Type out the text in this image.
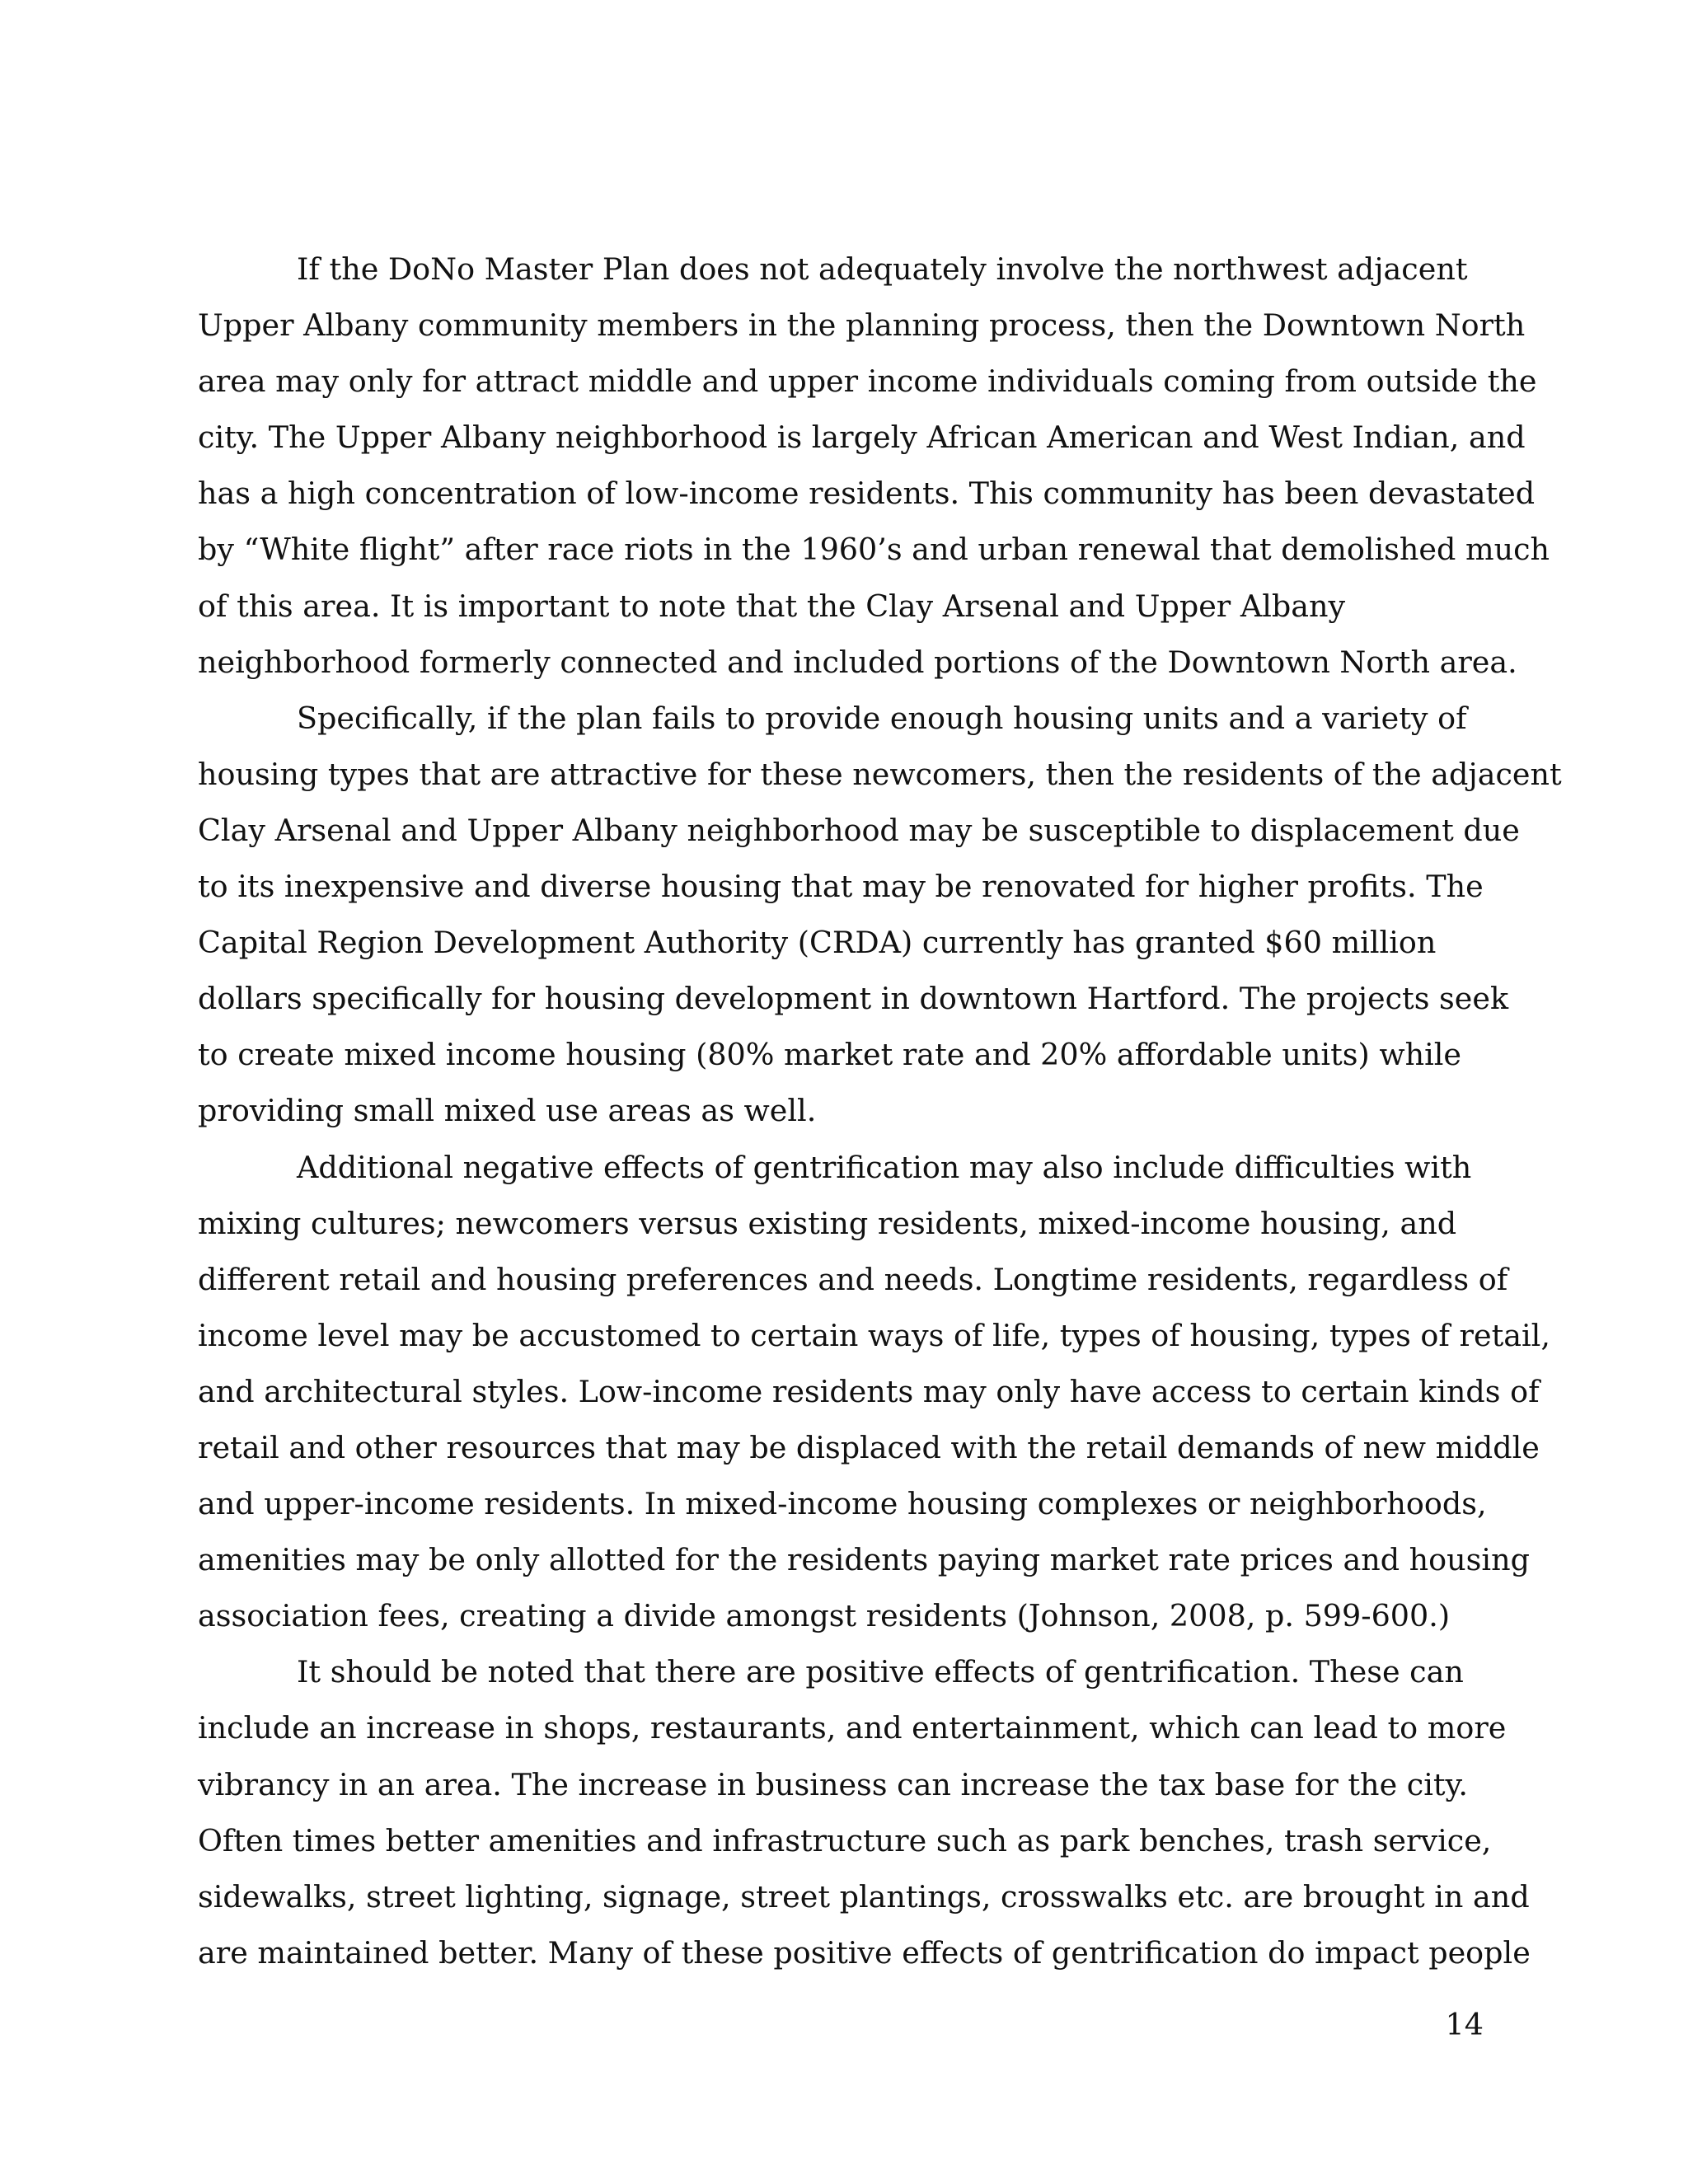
If the DoNo Master Plan does not adequately involve the northwest adjacent
Upper Albany community members in the planning process, then the Downtown North
area may only for attract middle and upper income individuals coming from outside the
city. The Upper Albany neighborhood is largely African American and West Indian, and
has a high concentration of low-income residents. This community has been devastated
by “White flight” after race riots in the 1960’s and urban renewal that demolished much
of this area. It is important to note that the Clay Arsenal and Upper Albany
neighborhood formerly connected and included portions of the Downtown North area.
Specifically, if the plan fails to provide enough housing units and a variety of
housing types that are attractive for these newcomers, then the residents of the adjacent
Clay Arsenal and Upper Albany neighborhood may be susceptible to displacement due
to its inexpensive and diverse housing that may be renovated for higher profits. The
Capital Region Development Authority (CRDA) currently has granted $60 million
dollars specifically for housing development in downtown Hartford. The projects seek
to create mixed income housing (80% market rate and 20% affordable units) while
providing small mixed use areas as well.
Additional negative effects of gentrification may also include difficulties with
mixing cultures; newcomers versus existing residents, mixed-income housing, and
different retail and housing preferences and needs. Longtime residents, regardless of
income level may be accustomed to certain ways of life, types of housing, types of retail,
and architectural styles. Low-income residents may only have access to certain kinds of
retail and other resources that may be displaced with the retail demands of new middle
and upper-income residents. In mixed-income housing complexes or neighborhoods,
amenities may be only allotted for the residents paying market rate prices and housing
association fees, creating a divide amongst residents (Johnson, 2008, p. 599-600.)
It should be noted that there are positive effects of gentrification. These can
include an increase in shops, restaurants, and entertainment, which can lead to more
vibrancy in an area. The increase in business can increase the tax base for the city.
Often times better amenities and infrastructure such as park benches, trash service,
sidewalks, street lighting, signage, street plantings, crosswalks etc. are brought in and
are maintained better. Many of these positive effects of gentrification do impact people
14
